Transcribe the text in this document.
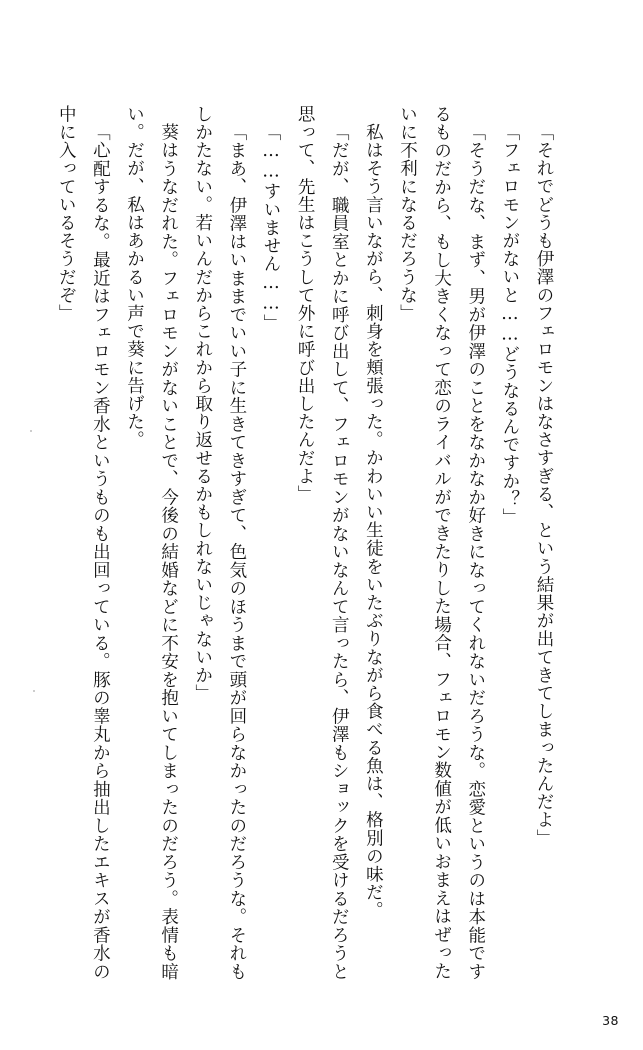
「それでどうも伊澤のフェロモンはなさすぎる、という結果が出てきてしまったんだよ」

「フェロモンがないと……どうなるんですか？」

「そうだな、まず、男が伊澤のことをなかなか好きになってくれないだろうな。恋愛というのは本能でするものだから、もし大きくなって恋のライバルができたりした場合、フェロモン数値が低いおまえはぜったいに不利になるだろうな」

私はそう言いながら、刺身を頬張った。かわいい生徒をいたぶりながら食べる魚は、格別の味だ。

「だが、職員室とかに呼び出して、フェロモンがないなんて言ったら、伊澤もショックを受けるだろうと思って、先生はこうして外に呼び出したんだよ」

「……すいません……」

「まあ、伊澤はいままでいい子に生きてきすぎて、色気のほうまで頭が回らなかったのだろうな。それもしかたない。若いんだからこれから取り返せるかもしれないじゃないか」

葵はうなだれた。フェロモンがないことで、今後の結婚などに不安を抱いてしまったのだろう。表情も暗い。だが、私はあかるい声で葵に告げた。

「心配するな。最近はフェロモン香水というものも出回っている。豚の睾丸から抽出したエキスが香水の中に入っているそうだぞ」

38
